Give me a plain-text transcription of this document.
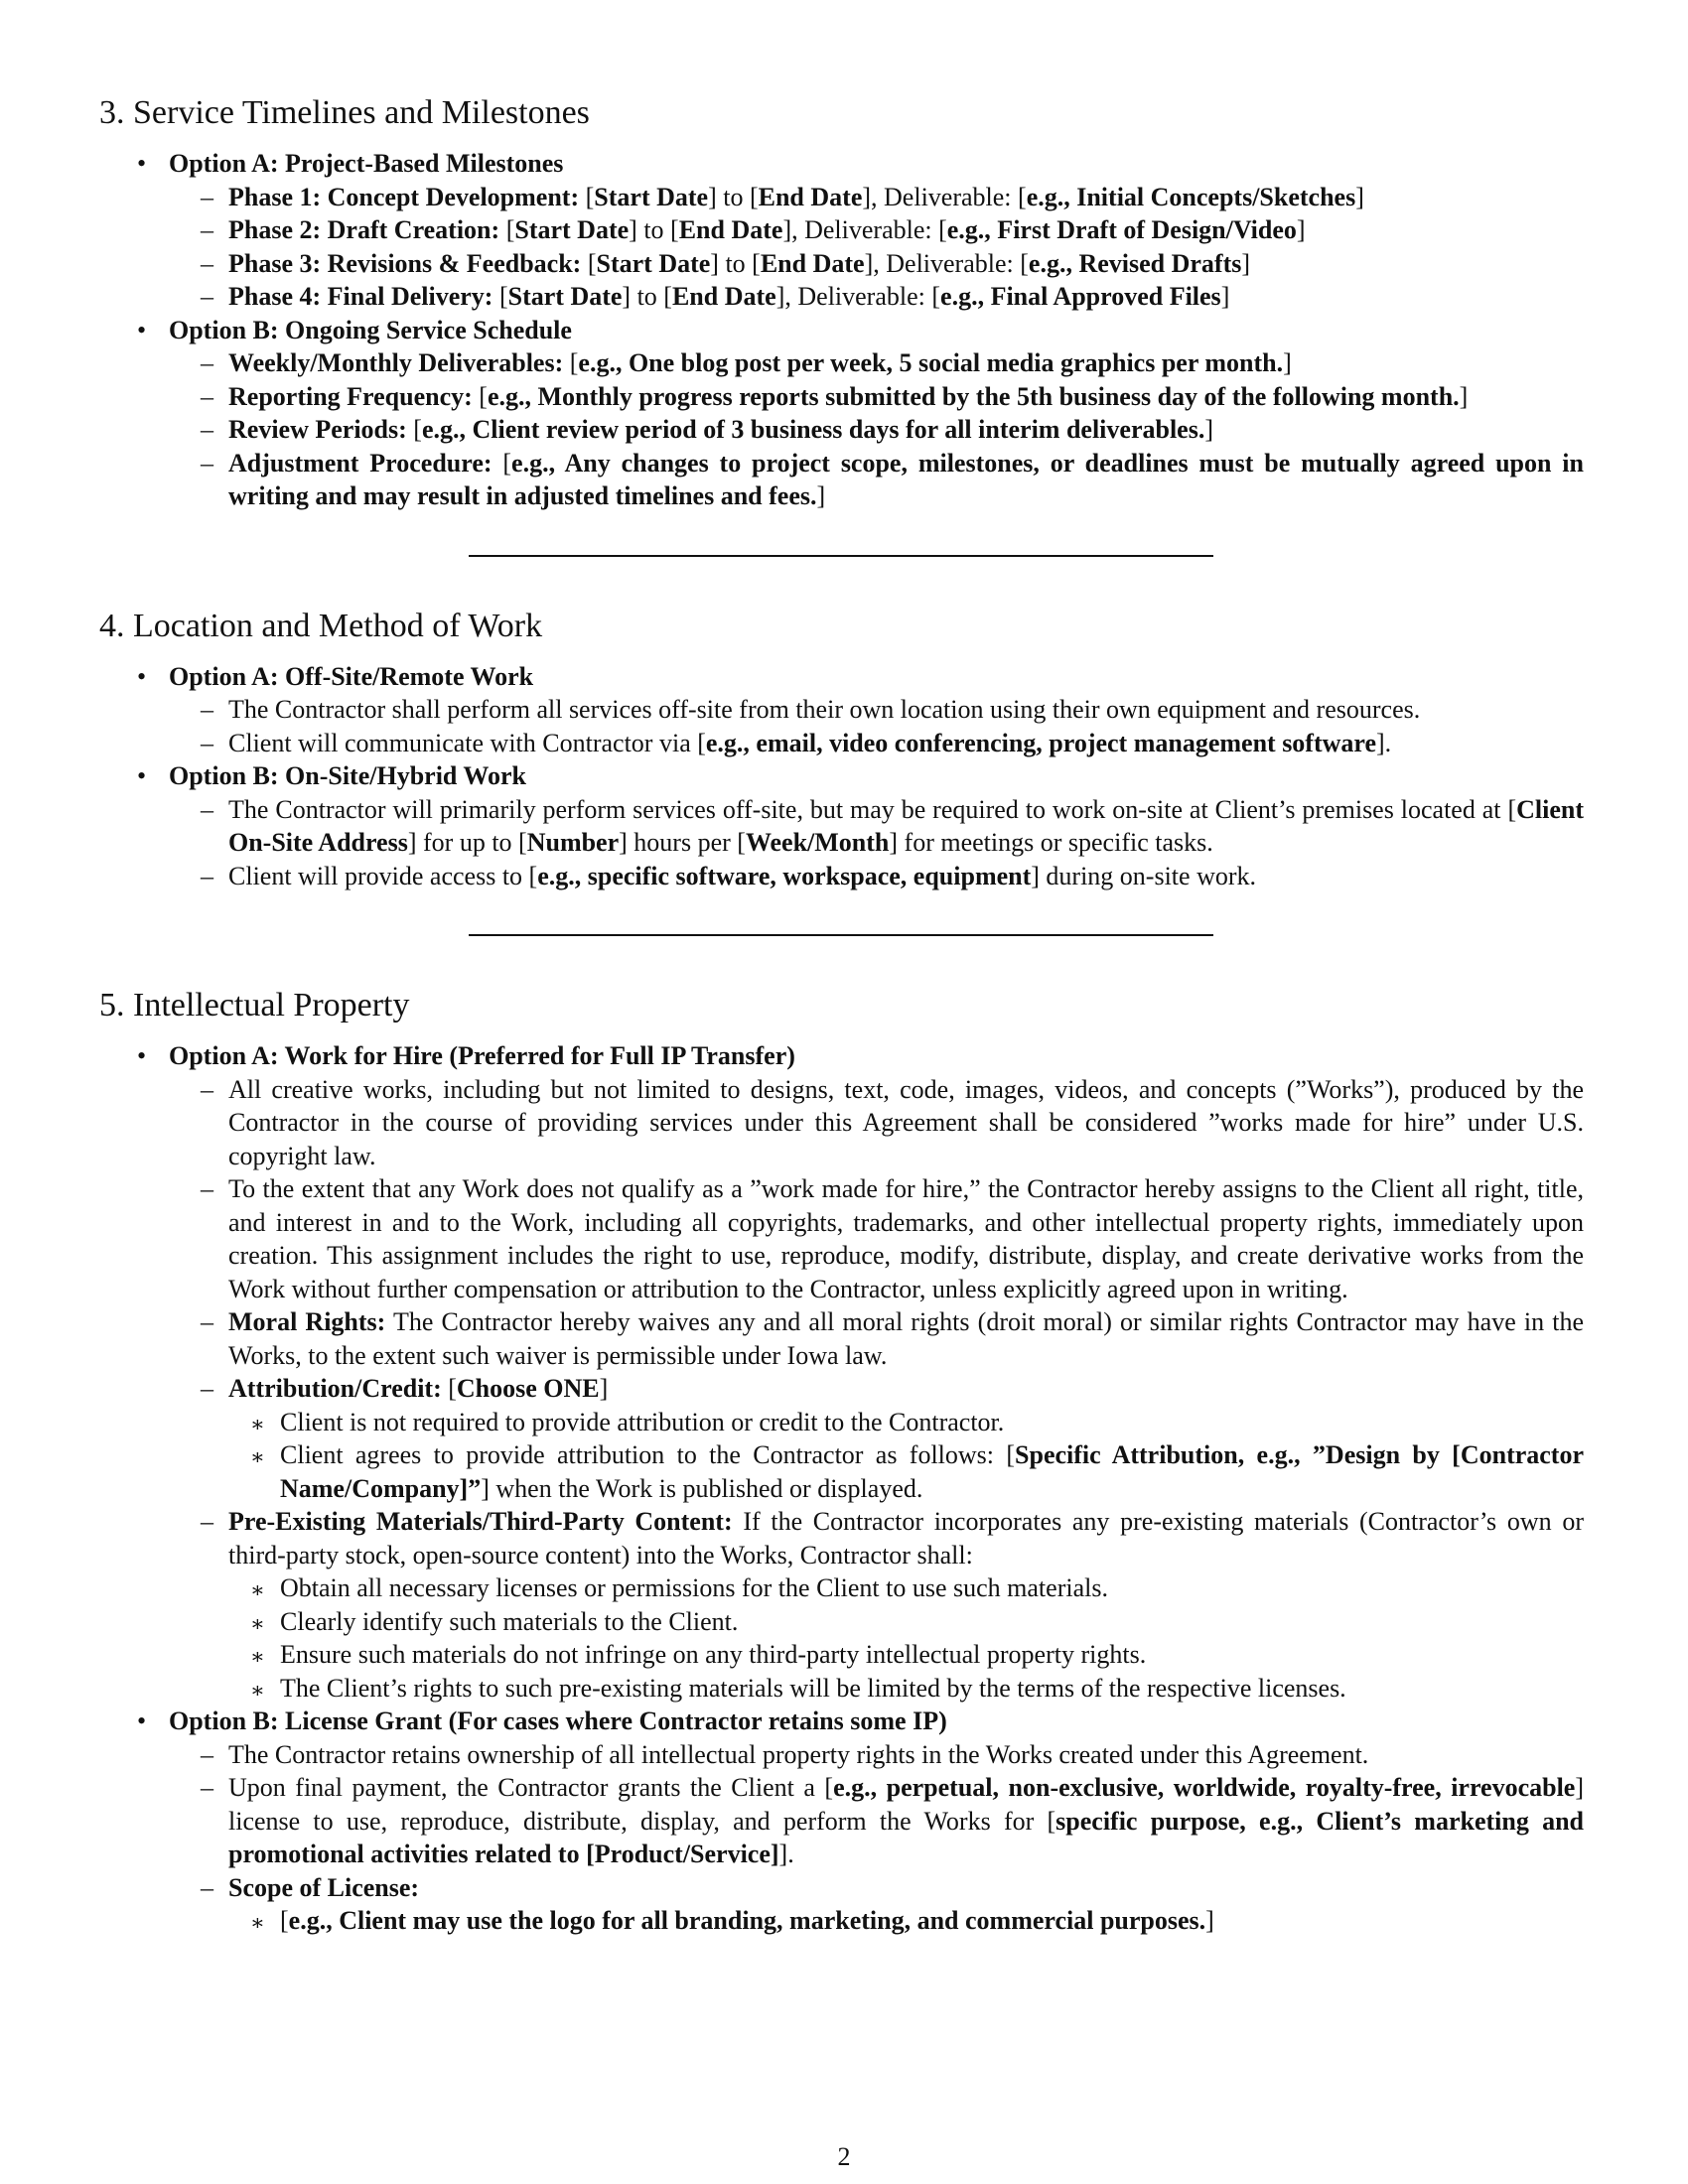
3. Service Timelines and Milestones
• Option A: Project-Based Milestones
– Phase 1: Concept Development: [Start Date] to [End Date], Deliverable: [e.g., Initial Concepts/Sketches]
– Phase 2: Draft Creation: [Start Date] to [End Date], Deliverable: [e.g., First Draft of Design/Video]
– Phase 3: Revisions & Feedback: [Start Date] to [End Date], Deliverable: [e.g., Revised Drafts]
– Phase 4: Final Delivery: [Start Date] to [End Date], Deliverable: [e.g., Final Approved Files]
• Option B: Ongoing Service Schedule
– Weekly/Monthly Deliverables: [e.g., One blog post per week, 5 social media graphics per month.]
– Reporting Frequency: [e.g., Monthly progress reports submitted by the 5th business day of the following month.]
– Review Periods: [e.g., Client review period of 3 business days for all interim deliverables.]
– Adjustment Procedure: [e.g., Any changes to project scope, milestones, or deadlines must be mutually agreed upon in writing and may result in adjusted timelines and fees.]
4. Location and Method of Work
• Option A: Off-Site/Remote Work
– The Contractor shall perform all services off-site from their own location using their own equipment and resources.
– Client will communicate with Contractor via [e.g., email, video conferencing, project management software].
• Option B: On-Site/Hybrid Work
– The Contractor will primarily perform services off-site, but may be required to work on-site at Client’s premises located at [Client On-Site Address] for up to [Number] hours per [Week/Month] for meetings or specific tasks.
– Client will provide access to [e.g., specific software, workspace, equipment] during on-site work.
5. Intellectual Property
• Option A: Work for Hire (Preferred for Full IP Transfer)
– All creative works, including but not limited to designs, text, code, images, videos, and concepts (”Works”), produced by the Contractor in the course of providing services under this Agreement shall be considered ”works made for hire” under U.S. copyright law.
– To the extent that any Work does not qualify as a ”work made for hire,” the Contractor hereby assigns to the Client all right, title, and interest in and to the Work, including all copyrights, trademarks, and other intellectual property rights, immediately upon creation. This assignment includes the right to use, reproduce, modify, distribute, display, and create derivative works from the Work without further compensation or attribution to the Contractor, unless explicitly agreed upon in writing.
– Moral Rights: The Contractor hereby waives any and all moral rights (droit moral) or similar rights Contractor may have in the Works, to the extent such waiver is permissible under Iowa law.
– Attribution/Credit: [Choose ONE]
∗ Client is not required to provide attribution or credit to the Contractor.
∗ Client agrees to provide attribution to the Contractor as follows: [Specific Attribution, e.g., ”Design by [Contractor Name/Company]”] when the Work is published or displayed.
– Pre-Existing Materials/Third-Party Content: If the Contractor incorporates any pre-existing materials (Contractor’s own or third-party stock, open-source content) into the Works, Contractor shall:
∗ Obtain all necessary licenses or permissions for the Client to use such materials.
∗ Clearly identify such materials to the Client.
∗ Ensure such materials do not infringe on any third-party intellectual property rights.
∗ The Client’s rights to such pre-existing materials will be limited by the terms of the respective licenses.
• Option B: License Grant (For cases where Contractor retains some IP)
– The Contractor retains ownership of all intellectual property rights in the Works created under this Agreement.
– Upon final payment, the Contractor grants the Client a [e.g., perpetual, non-exclusive, worldwide, royalty-free, irrevocable] license to use, reproduce, distribute, display, and perform the Works for [specific purpose, e.g., Client’s marketing and promotional activities related to [Product/Service]].
– Scope of License:
∗ [e.g., Client may use the logo for all branding, marketing, and commercial purposes.]
2
